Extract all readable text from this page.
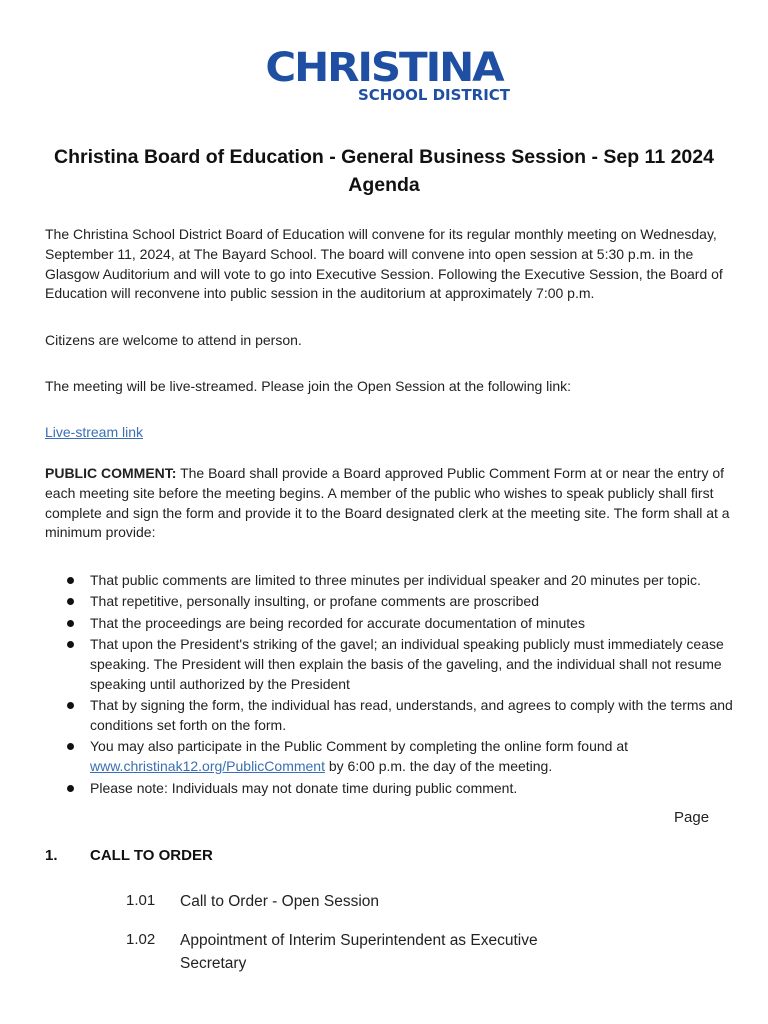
CHRISTINA
SCHOOL DISTRICT
Christina Board of Education - General Business Session - Sep 11 2024 Agenda

The Christina School District Board of Education will convene for its regular monthly meeting on Wednesday, September 11, 2024, at The Bayard School. The board will convene into open session at 5:30 p.m. in the Glasgow Auditorium and will vote to go into Executive Session. Following the Executive Session, the Board of Education will reconvene into public session in the auditorium at approximately 7:00 p.m.

Citizens are welcome to attend in person.

The meeting will be live-streamed. Please join the Open Session at the following link:

Live-stream link

PUBLIC COMMENT: The Board shall provide a Board approved Public Comment Form at or near the entry of each meeting site before the meeting begins. A member of the public who wishes to speak publicly shall first complete and sign the form and provide it to the Board designated clerk at the meeting site. The form shall at a minimum provide:

That public comments are limited to three minutes per individual speaker and 20 minutes per topic.
That repetitive, personally insulting, or profane comments are proscribed
That the proceedings are being recorded for accurate documentation of minutes
That upon the President's striking of the gavel; an individual speaking publicly must immediately cease speaking. The President will then explain the basis of the gaveling, and the individual shall not resume speaking until authorized by the President
That by signing the form, the individual has read, understands, and agrees to comply with the terms and conditions set forth on the form.
You may also participate in the Public Comment by completing the online form found at www.christinak12.org/PublicComment by 6:00 p.m. the day of the meeting.
Please note: Individuals may not donate time during public comment.
Page
1. CALL TO ORDER
1.01 Call to Order - Open Session
1.02 Appointment of Interim Superintendent as Executive Secretary
